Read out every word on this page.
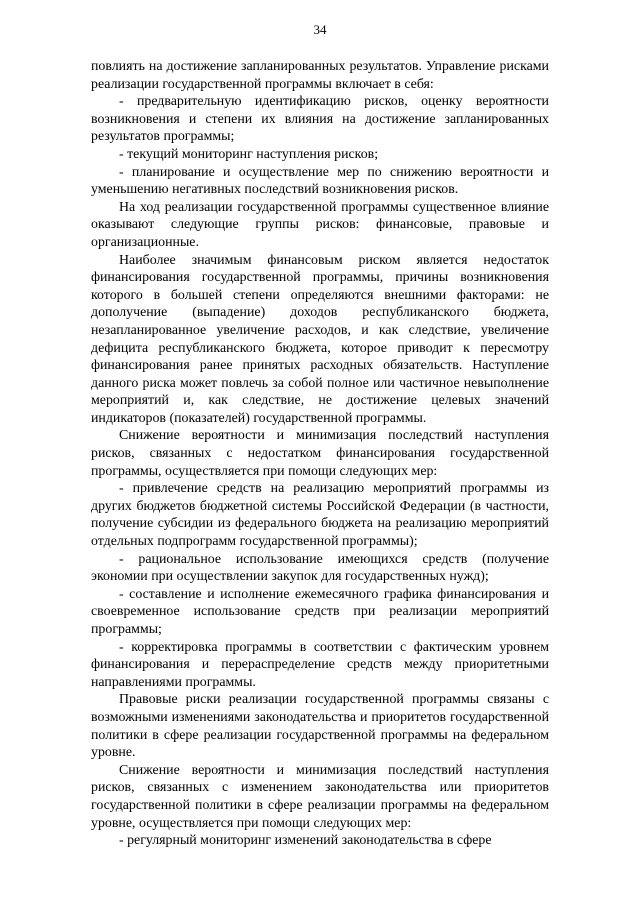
34

повлиять на достижение запланированных результатов. Управление рисками реализации государственной программы включает в себя:

- предварительную идентификацию рисков, оценку вероятности возникновения и степени их влияния на достижение запланированных результатов программы;

- текущий мониторинг наступления рисков;

- планирование и осуществление мер по снижению вероятности и уменьшению негативных последствий возникновения рисков.

На ход реализации государственной программы существенное влияние оказывают следующие группы рисков: финансовые, правовые и организационные.

Наиболее значимым финансовым риском является недостаток финансирования государственной программы, причины возникновения которого в большей степени определяются внешними факторами: не дополучение (выпадение) доходов республиканского бюджета, незапланированное увеличение расходов, и как следствие, увеличение дефицита республиканского бюджета, которое приводит к пересмотру финансирования ранее принятых расходных обязательств. Наступление данного риска может повлечь за собой полное или частичное невыполнение мероприятий и, как следствие, не достижение целевых значений индикаторов (показателей) государственной программы.

Снижение вероятности и минимизация последствий наступления рисков, связанных с недостатком финансирования государственной программы, осуществляется при помощи следующих мер:

- привлечение средств на реализацию мероприятий программы из других бюджетов бюджетной системы Российской Федерации (в частности, получение субсидии из федерального бюджета на реализацию мероприятий отдельных подпрограмм государственной программы);

- рациональное использование имеющихся средств (получение экономии при осуществлении закупок для государственных нужд);

- составление и исполнение ежемесячного графика финансирования и своевременное использование средств при реализации мероприятий программы;

- корректировка программы в соответствии с фактическим уровнем финансирования и перераспределение средств между приоритетными направлениями программы.

Правовые риски реализации государственной программы связаны с возможными изменениями законодательства и приоритетов государственной политики в сфере реализации государственной программы на федеральном уровне.

Снижение вероятности и минимизация последствий наступления рисков, связанных с изменением законодательства или приоритетов государственной политики в сфере реализации программы на федеральном уровне, осуществляется при помощи следующих мер:

- регулярный мониторинг изменений законодательства в сфере
